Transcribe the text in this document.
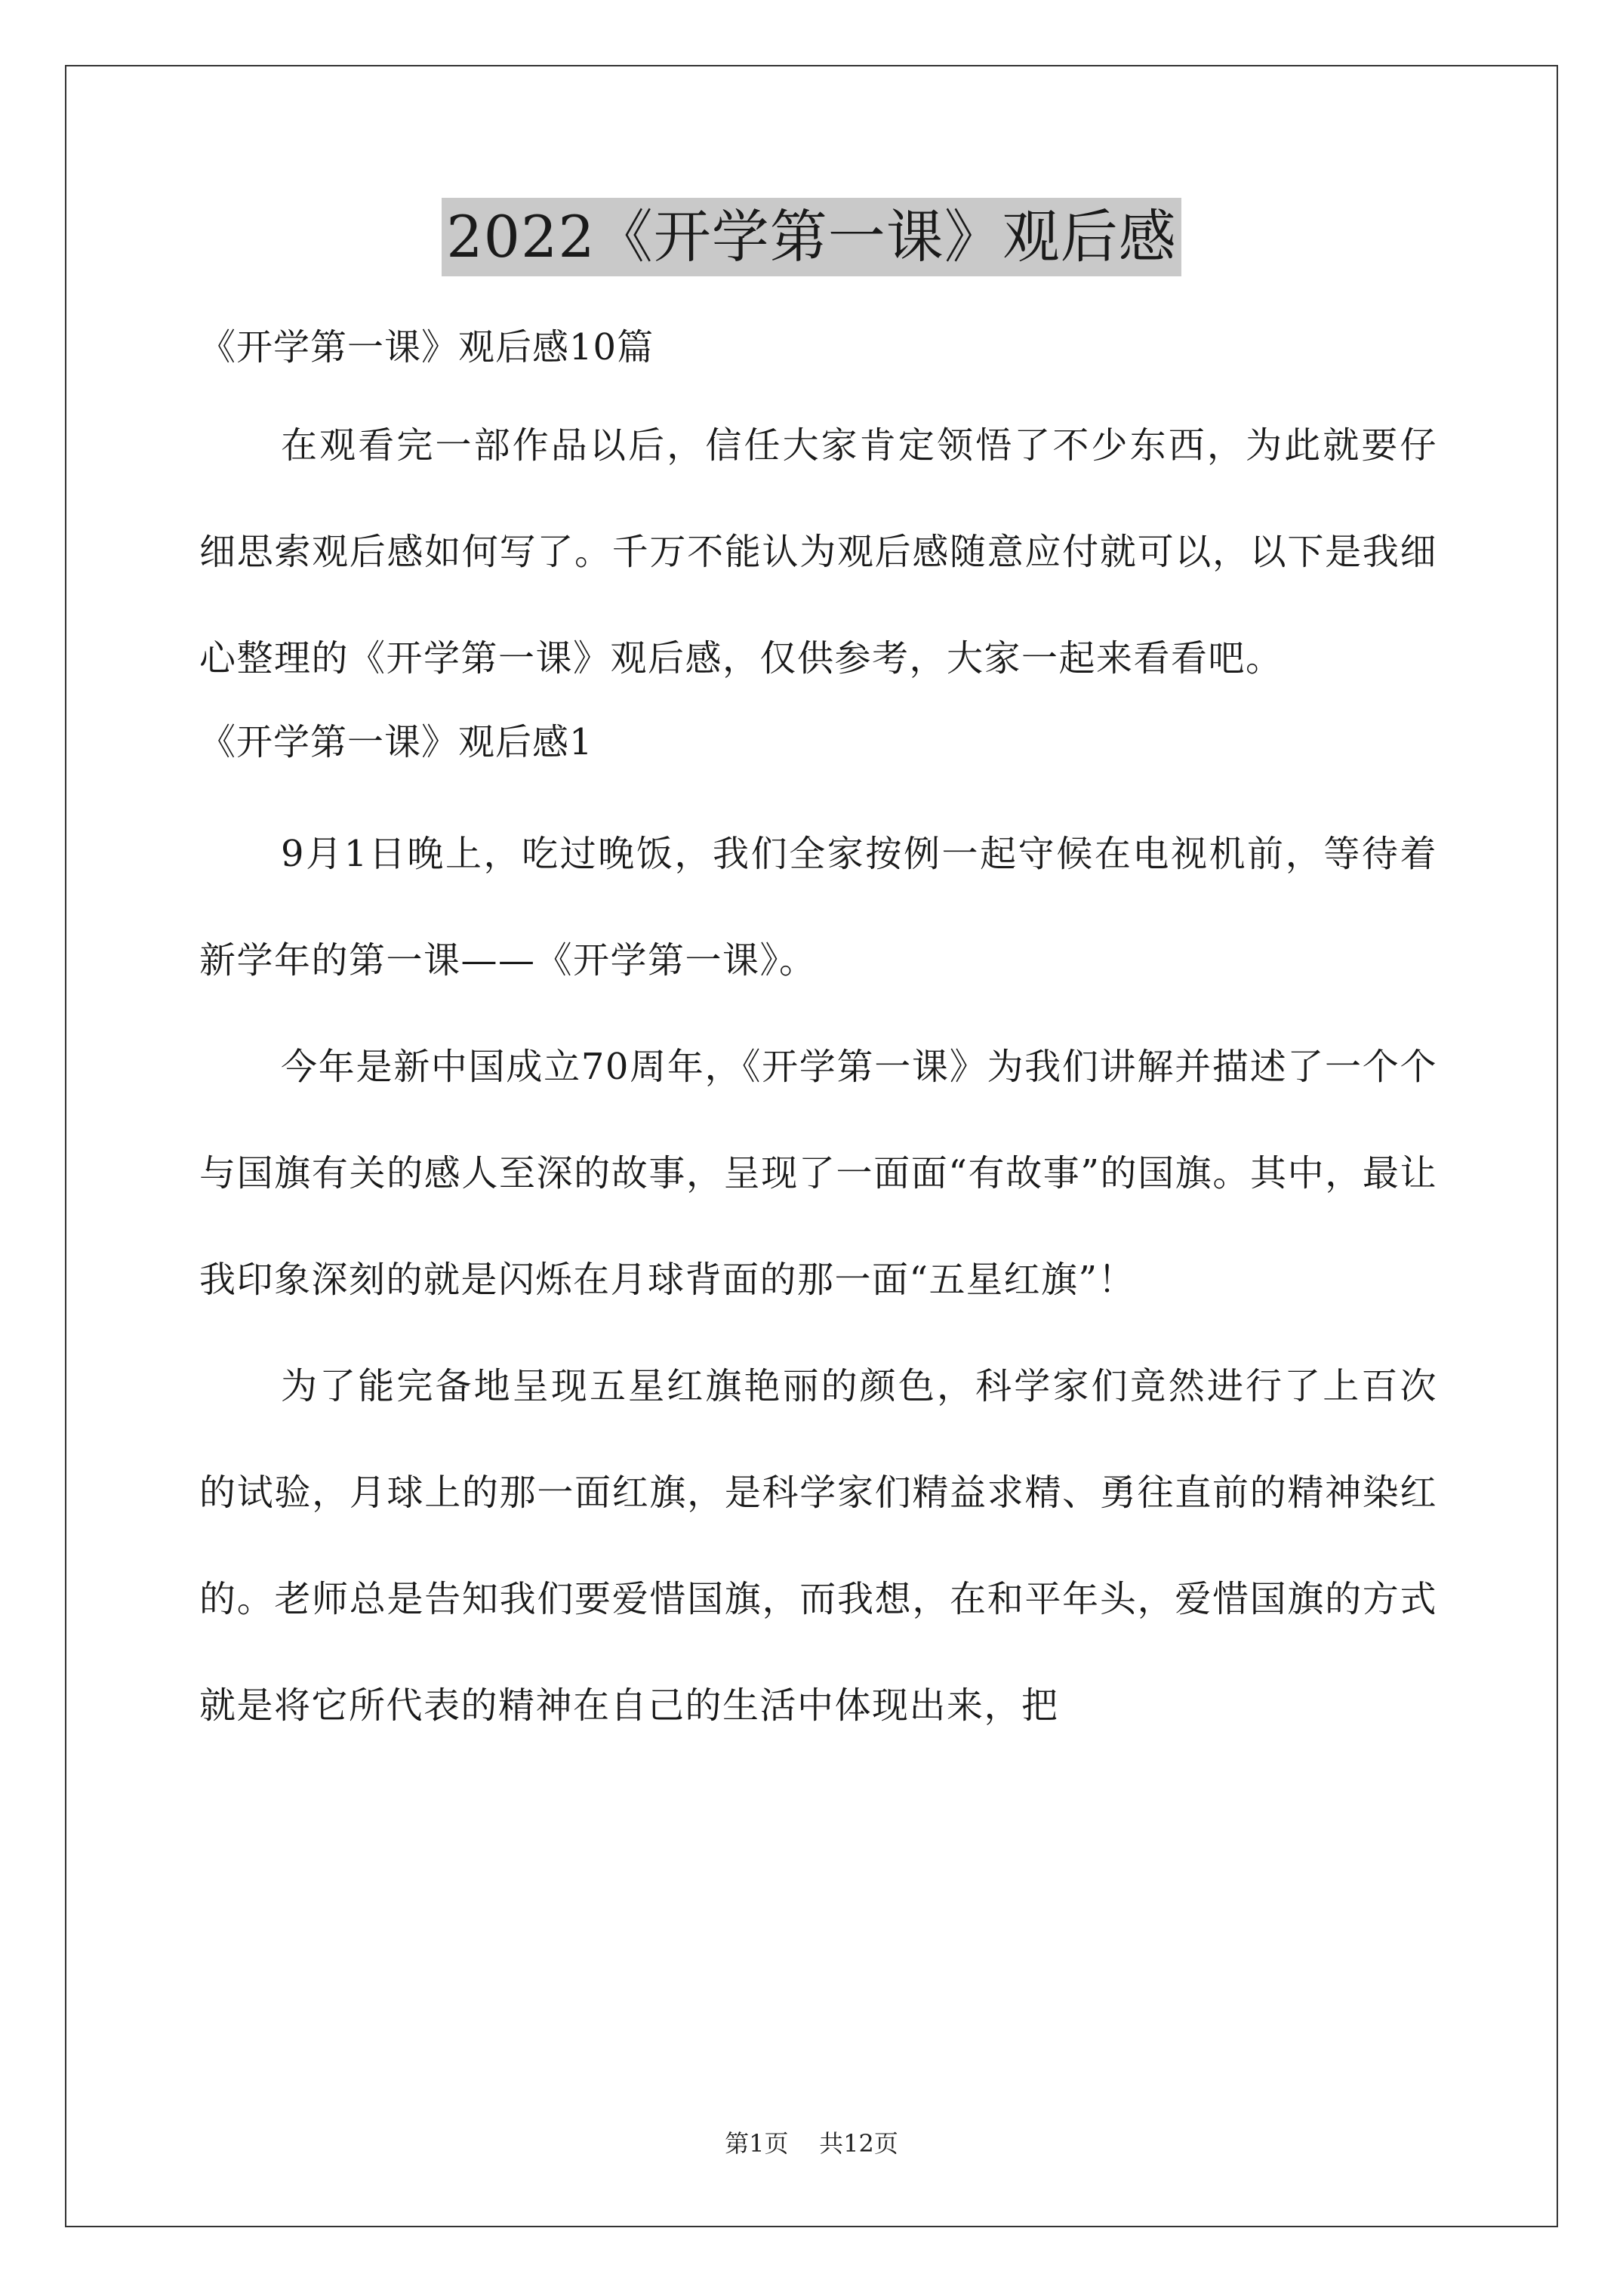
2022《开学第一课》观后感
《开学第一课》观后感10篇

在观看完一部作品以后，信任大家肯定领悟了不少东西，为此就要仔细思索观后感如何写了。千万不能认为观后感随意应付就可以，以下是我细心整理的《开学第一课》观后感，仅供参考，大家一起来看看吧。

《开学第一课》观后感1

9月1日晚上，吃过晚饭，我们全家按例一起守候在电视机前，等待着新学年的第一课——《开学第一课》。

今年是新中国成立70周年，《开学第一课》为我们讲解并描述了一个个与国旗有关的感人至深的故事，呈现了一面面“有故事”的国旗。其中，最让我印象深刻的就是闪烁在月球背面的那一面“五星红旗”！

为了能完备地呈现五星红旗艳丽的颜色，科学家们竟然进行了上百次的试验，月球上的那一面红旗，是科学家们精益求精、勇往直前的精神染红的。老师总是告知我们要爱惜国旗，而我想，在和平年头，爱惜国旗的方式就是将它所代表的精神在自己的生活中体现出来，把

第1页 共12页
